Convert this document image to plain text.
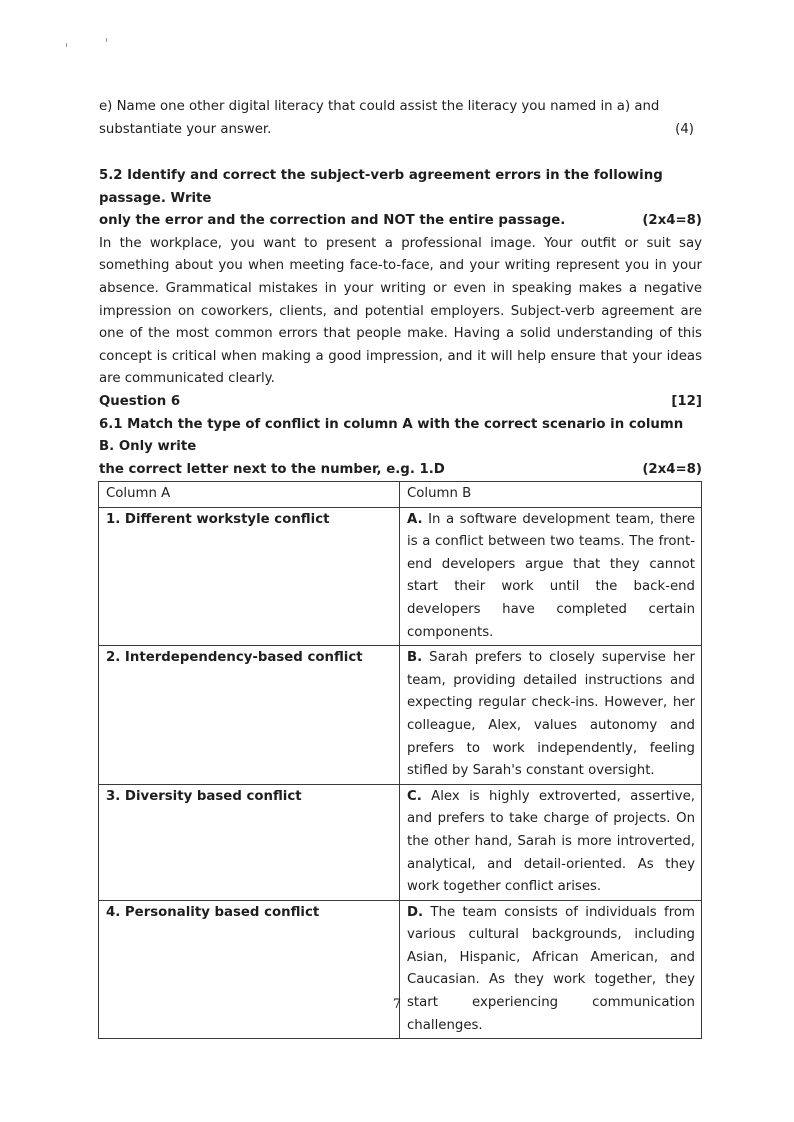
e) Name one other digital literacy that could assist the literacy you named in a) and

substantiate your answer.	(4)

5.2 Identify and correct the subject-verb agreement errors in the following passage. Write

only the error and the correction and NOT the entire passage.	(2x4=8)

In the workplace, you want to present a professional image. Your outfit or suit say something about you when meeting face-to-face, and your writing represent you in your absence. Grammatical mistakes in your writing or even in speaking makes a negative impression on coworkers, clients, and potential employers. Subject-verb agreement are one of the most common errors that people make. Having a solid understanding of this concept is critical when making a good impression, and it will help ensure that your ideas are communicated clearly.

Question 6	[12]

6.1 Match the type of conflict in column A with the correct scenario in column B. Only write

the correct letter next to the number, e.g. 1.D	(2x4=8)
Column A	Column B
1. Different workstyle conflict	A. In a software development team, there is a conflict between two teams. The front-end developers argue that they cannot start their work until the back-end developers have completed certain components.
2. Interdependency-based conflict	B. Sarah prefers to closely supervise her team, providing detailed instructions and expecting regular check-ins. However, her colleague, Alex, values autonomy and prefers to work independently, feeling stifled by Sarah's constant oversight.
3. Diversity based conflict	C. Alex is highly extroverted, assertive, and prefers to take charge of projects. On the other hand, Sarah is more introverted, analytical, and detail-oriented. As they work together conflict arises.
4. Personality based conflict	D. The team consists of individuals from various cultural backgrounds, including Asian, Hispanic, African American, and Caucasian. As they work together, they start experiencing communication challenges.
7
